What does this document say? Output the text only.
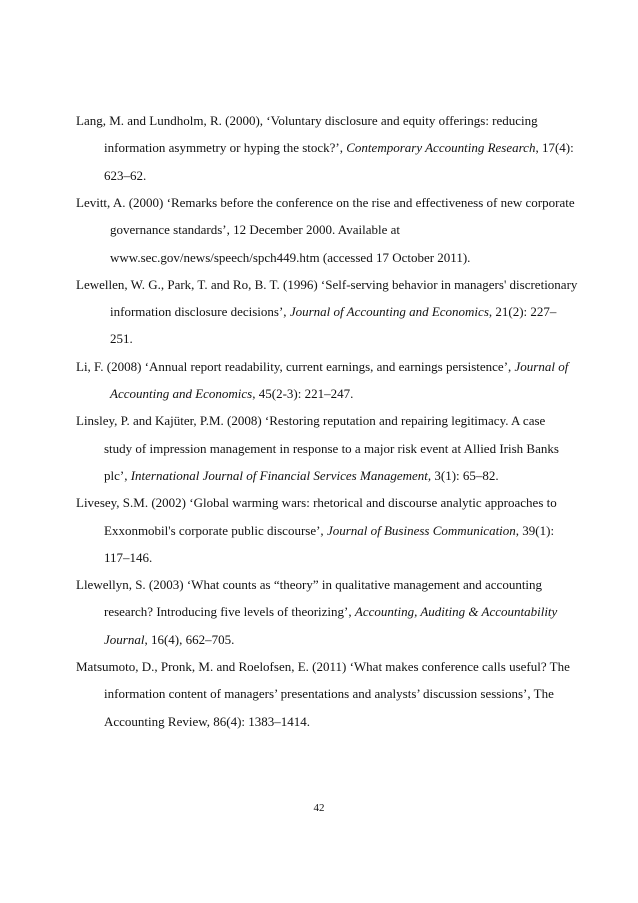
Lang, M. and Lundholm, R. (2000), ‘Voluntary disclosure and equity offerings: reducing
information asymmetry or hyping the stock?’, Contemporary Accounting Research, 17(4):
623–62.
Levitt, A. (2000) ‘Remarks before the conference on the rise and effectiveness of new corporate
governance standards’, 12 December 2000. Available at
www.sec.gov/news/speech/spch449.htm (accessed 17 October 2011).
Lewellen, W. G., Park, T. and Ro, B. T. (1996) ‘Self-serving behavior in managers' discretionary
information disclosure decisions’, Journal of Accounting and Economics, 21(2): 227–
251.
Li, F. (2008) ‘Annual report readability, current earnings, and earnings persistence’, Journal of
Accounting and Economics, 45(2-3): 221–247.
Linsley, P. and Kajüter, P.M. (2008) ‘Restoring reputation and repairing legitimacy. A case
study of impression management in response to a major risk event at Allied Irish Banks
plc’, International Journal of Financial Services Management, 3(1): 65–82.
Livesey, S.M. (2002) ‘Global warming wars: rhetorical and discourse analytic approaches to
Exxonmobil's corporate public discourse’, Journal of Business Communication, 39(1):
117–146.
Llewellyn, S. (2003) ‘What counts as “theory” in qualitative management and accounting
research? Introducing five levels of theorizing’, Accounting, Auditing & Accountability
Journal, 16(4), 662–705.
Matsumoto, D., Pronk, M. and Roelofsen, E. (2011) ‘What makes conference calls useful? The
information content of managers’ presentations and analysts’ discussion sessions’, The
Accounting Review, 86(4): 1383–1414.
42
